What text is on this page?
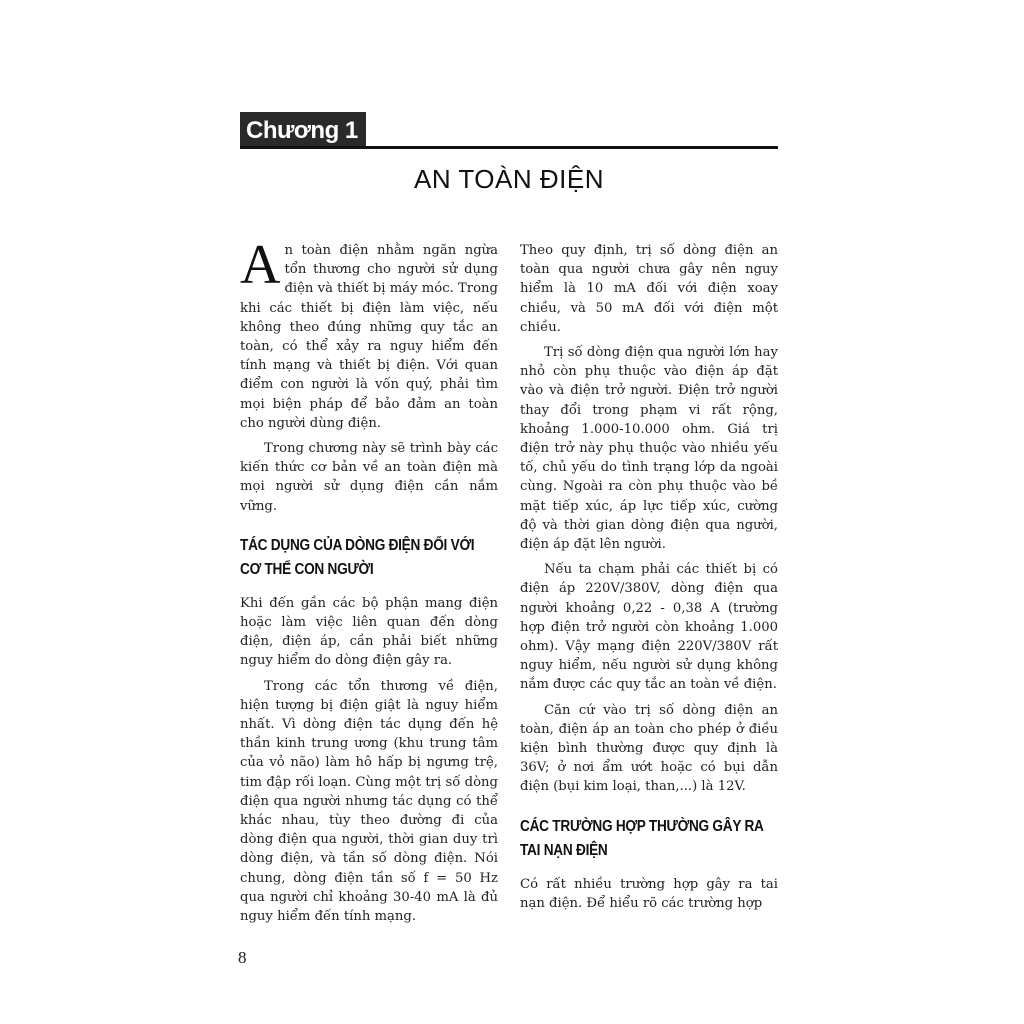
Chương 1
AN TOÀN ĐIỆN

A n toàn điện nhằm ngăn ngừa tổn thương cho người sử dụng điện và thiết bị máy móc. Trong khi các thiết bị điện làm việc, nếu không theo đúng những quy tắc an toàn, có thể xảy ra nguy hiểm đến tính mạng và thiết bị điện. Với quan điểm con người là vốn quý, phải tìm mọi biện pháp để bảo đảm an toàn cho người dùng điện.

Trong chương này sẽ trình bày các kiến thức cơ bản về an toàn điện mà mọi người sử dụng điện cần nắm vững.

TÁC DỤNG CỦA DÒNG ĐIỆN ĐỐI VỚI CƠ THỂ CON NGƯỜI

Khi đến gần các bộ phận mang điện hoặc làm việc liên quan đến dòng điện, điện áp, cần phải biết những nguy hiểm do dòng điện gây ra.

Trong các tổn thương về điện, hiện tượng bị điện giật là nguy hiểm nhất. Vì dòng điện tác dụng đến hệ thần kinh trung ương (khu trung tâm của vỏ não) làm hô hấp bị ngưng trệ, tim đập rối loạn. Cùng một trị số dòng điện qua người nhưng tác dụng có thể khác nhau, tùy theo đường đi của dòng điện qua người, thời gian duy trì dòng điện, và tần số dòng điện. Nói chung, dòng điện tần số f = 50 Hz qua người chỉ khoảng 30-40 mA là đủ nguy hiểm đến tính mạng.

Theo quy định, trị số dòng điện an toàn qua người chưa gây nên nguy hiểm là 10 mA đối với điện xoay chiều, và 50 mA đối với điện một chiều.

Trị số dòng điện qua người lớn hay nhỏ còn phụ thuộc vào điện áp đặt vào và điện trở người. Điện trở người thay đổi trong phạm vi rất rộng, khoảng 1.000-10.000 ohm. Giá trị điện trở này phụ thuộc vào nhiều yếu tố, chủ yếu do tình trạng lớp da ngoài cùng. Ngoài ra còn phụ thuộc vào bề mặt tiếp xúc, áp lực tiếp xúc, cường độ và thời gian dòng điện qua người, điện áp đặt lên người.

Nếu ta chạm phải các thiết bị có điện áp 220V/380V, dòng điện qua người khoảng 0,22 - 0,38 A (trường hợp điện trở người còn khoảng 1.000 ohm). Vậy mạng điện 220V/380V rất nguy hiểm, nếu người sử dụng không nắm được các quy tắc an toàn về điện.

Căn cứ vào trị số dòng điện an toàn, điện áp an toàn cho phép ở điều kiện bình thường được quy định là 36V; ở nơi ẩm ướt hoặc có bụi dẫn điện (bụi kim loại, than,...) là 12V.

CÁC TRƯỜNG HỢP THƯỜNG GÂY RA TAI NẠN ĐIỆN

Có rất nhiều trường hợp gây ra tai nạn điện. Để hiểu rõ các trường hợp

8
